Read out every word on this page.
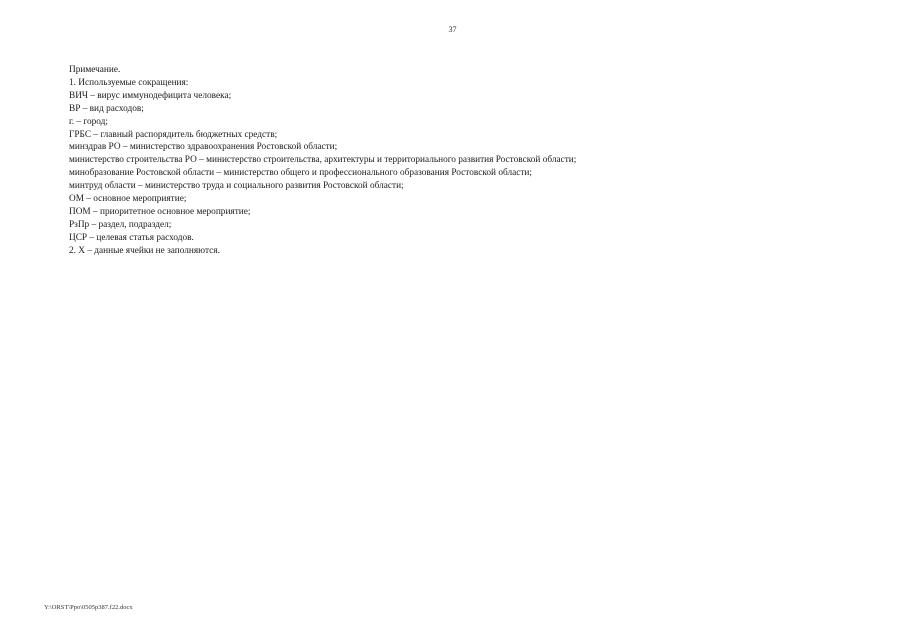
37
Примечание.
1. Используемые сокращения:
ВИЧ – вирус иммунодефицита человека;
ВР – вид расходов;
г. – город;
ГРБС – главный распорядитель бюджетных средств;
минздрав РО – министерство здравоохранения Ростовской области;
министерство строительства РО – министерство строительства, архитектуры и территориального развития Ростовской области;
минобразование Ростовской области – министерство общего и профессионального образования Ростовской области;
минтруд области – министерство труда и социального развития Ростовской области;
ОМ – основное мероприятие;
ПОМ – приоритетное основное мероприятие;
РзПр – раздел, подраздел;
ЦСР – целевая статья расходов.
2. Х – данные ячейки не заполняются.
Y:\ORST\Ppo\0505p387.f22.docx
